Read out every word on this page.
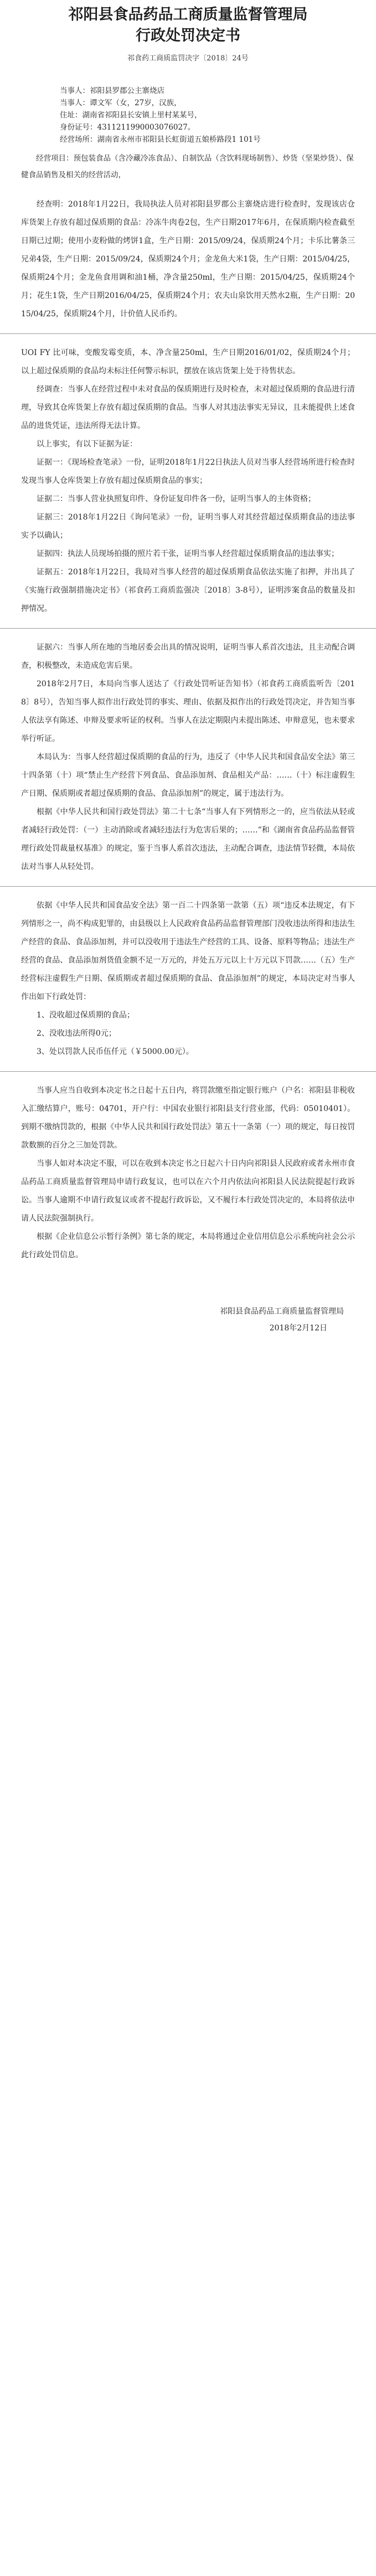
祁阳县食品药品工商质量监督管理局
行政处罚决定书
祁食药工商质监罚决字〔2018〕24号

当事人：祁阳县罗郡公主寨烧店

当事人：谭文军（女，27岁，汉族，

住址：湖南省祁阳县长安镇上里村某某号，

身份证号：4311211990003076027。

经营场所：湖南省永州市祁阳县长虹街道五娘桥路段1 101号

经营项目：预包装食品（含冷藏冷冻食品）、自制饮品（含饮料现场制售）、炒货（坚果炒货）、保健食品销售及相关的经营活动，

经查明：2018年1月22日，我局执法人员对祁阳县罗郡公主寨烧店进行检查时，发现该店仓库货架上存放有超过保质期的食品：冷冻牛肉卷2包，生产日期2017年6月，在保质期内检查截至日期已过期；使用小麦粉做的烤饼1盒，生产日期：2015/09/24，保质期24个月；卡乐比薯条三兄弟4袋，生产日期：2015/09/24，保质期24个月；金龙鱼大米1袋，生产日期：2015/04/25，保质期24个月；金龙鱼食用调和油1桶，净含量250ml，生产日期：2015/04/25，保质期24个月；花生1袋，生产日期2016/04/25，保质期24个月；农夫山泉饮用天然水2瓶，生产日期：2015/04/25，保质期24个月，计价值人民币约。

UOI FY 比可味，变酸发霉变质，本、净含量250ml，生产日期2016/01/02，保质期24个月；以上超过保质期的食品均未标注任何警示标识，摆放在该店货架上处于待售状态。

经调查：当事人在经营过程中未对食品的保质期进行及时检查，未对超过保质期的食品进行清理，导致其仓库货架上存放有超过保质期的食品。当事人对其违法事实无异议，且未能提供上述食品的进货凭证，违法所得无法计算。

以上事实，有以下证据为证：

证据一：《现场检查笔录》一份，证明2018年1月22日执法人员对当事人经营场所进行检查时发现当事人仓库货架上存放有超过保质期食品的事实；

证据二：当事人营业执照复印件、身份证复印件各一份，证明当事人的主体资格；

证据三：2018年1月22日《询问笔录》一份，证明当事人对其经营超过保质期食品的违法事实予以确认；

证据四：执法人员现场拍摄的照片若干张，证明当事人经营超过保质期食品的违法事实；

证据五：2018年1月22日，我局对当事人经营的超过保质期食品依法实施了扣押，并出具了《实施行政强制措施决定书》（祁食药工商质监强决〔2018〕3-8号），证明涉案食品的数量及扣押情况。

证据六：当事人所在地的当地居委会出具的情况说明，证明当事人系首次违法，且主动配合调查，积极整改，未造成危害后果。

2018年2月7日，本局向当事人送达了《行政处罚听证告知书》（祁食药工商质监听告〔2018〕8号），告知当事人拟作出行政处罚的事实、理由、依据及拟作出的行政处罚决定，并告知当事人依法享有陈述、申辩及要求听证的权利。当事人在法定期限内未提出陈述、申辩意见，也未要求举行听证。

本局认为：当事人经营超过保质期的食品的行为，违反了《中华人民共和国食品安全法》第三十四条第（十）项“禁止生产经营下列食品、食品添加剂、食品相关产品：……（十）标注虚假生产日期、保质期或者超过保质期的食品、食品添加剂”的规定，属于违法行为。

根据《中华人民共和国行政处罚法》第二十七条“当事人有下列情形之一的，应当依法从轻或者减轻行政处罚：（一）主动消除或者减轻违法行为危害后果的；……”和《湖南省食品药品监督管理行政处罚裁量权基准》的规定，鉴于当事人系首次违法，主动配合调查，违法情节轻微，本局依法对当事人从轻处罚。

依据《中华人民共和国食品安全法》第一百二十四条第一款第（五）项“违反本法规定，有下列情形之一，尚不构成犯罪的，由县级以上人民政府食品药品监督管理部门没收违法所得和违法生产经营的食品、食品添加剂，并可以没收用于违法生产经营的工具、设备、原料等物品；违法生产经营的食品、食品添加剂货值金额不足一万元的，并处五万元以上十万元以下罚款……（五）生产经营标注虚假生产日期、保质期或者超过保质期的食品、食品添加剂”的规定，本局决定对当事人作出如下行政处罚：

1、没收超过保质期的食品；

2、没收违法所得0元；

3、处以罚款人民币伍仟元（￥5000.00元）。

当事人应当自收到本决定书之日起十五日内，将罚款缴至指定银行账户（户名：祁阳县非税收入汇缴结算户，账号：04701，开户行：中国农业银行祁阳县支行营业部，代码：05010401）。到期不缴纳罚款的，根据《中华人民共和国行政处罚法》第五十一条第（一）项的规定，每日按罚款数额的百分之三加处罚款。

当事人如对本决定不服，可以在收到本决定书之日起六十日内向祁阳县人民政府或者永州市食品药品工商质量监督管理局申请行政复议，也可以在六个月内依法向祁阳县人民法院提起行政诉讼。当事人逾期不申请行政复议或者不提起行政诉讼，又不履行本行政处罚决定的，本局将依法申请人民法院强制执行。

根据《企业信息公示暂行条例》第七条的规定，本局将通过企业信用信息公示系统向社会公示此行政处罚信息。

祁阳县食品药品工商质量监督管理局

2018年2月12日
